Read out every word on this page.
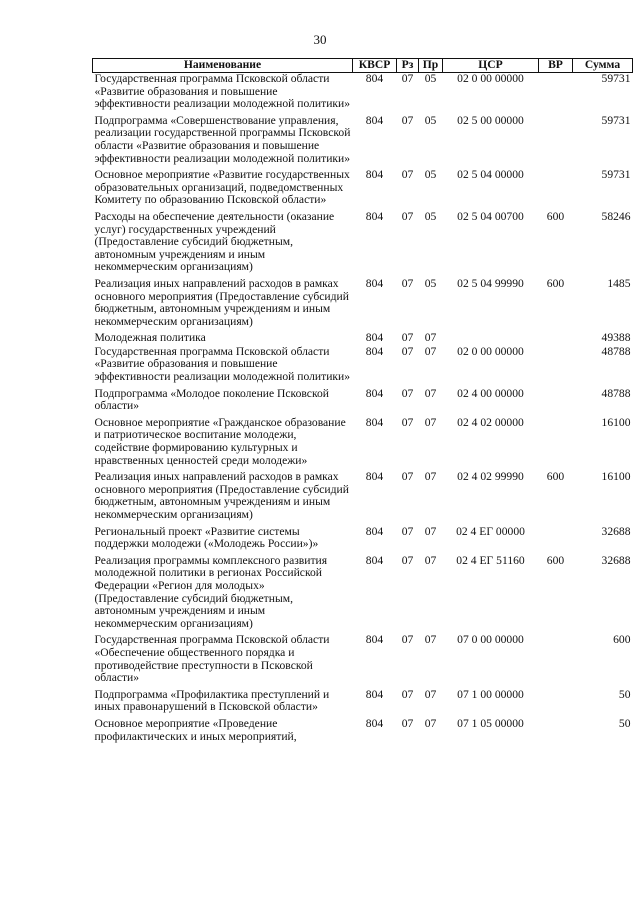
30
Наименование	КВСР	Рз	Пр	ЦСР	ВР	Сумма
Государственная программа Псковской области «Развитие образования и повышение эффективности реализации молодежной политики»	804	07	05	02 0 00 00000		59731
Подпрограмма «Совершенствование управления, реализации государственной программы Псковской области «Развитие образования и повышение эффективности реализации молодежной политики»	804	07	05	02 5 00 00000		59731
Основное мероприятие «Развитие государственных образовательных организаций, подведомственных Комитету по образованию Псковской области»	804	07	05	02 5 04 00000		59731
Расходы на обеспечение деятельности (оказание услуг) государственных учреждений (Предоставление субсидий бюджетным, автономным учреждениям и иным некоммерческим организациям)	804	07	05	02 5 04 00700	600	58246
Реализация иных направлений расходов в рамках основного мероприятия (Предоставление субсидий бюджетным, автономным учреждениям и иным некоммерческим организациям)	804	07	05	02 5 04 99990	600	1485
Молодежная политика	804	07	07			49388
Государственная программа Псковской области «Развитие образования и повышение эффективности реализации молодежной политики»	804	07	07	02 0 00 00000		48788
Подпрограмма «Молодое поколение Псковской области»	804	07	07	02 4 00 00000		48788
Основное мероприятие «Гражданское образование и патриотическое воспитание молодежи, содействие формированию культурных и нравственных ценностей среди молодежи»	804	07	07	02 4 02 00000		16100
Реализация иных направлений расходов в рамках основного мероприятия (Предоставление субсидий бюджетным, автономным учреждениям и иным некоммерческим организациям)	804	07	07	02 4 02 99990	600	16100
Региональный проект «Развитие системы поддержки молодежи («Молодежь России»)»	804	07	07	02 4 ЕГ 00000		32688
Реализация программы комплексного развития молодежной политики в регионах Российской Федерации «Регион для молодых» (Предоставление субсидий бюджетным, автономным учреждениям и иным некоммерческим организациям)	804	07	07	02 4 ЕГ 51160	600	32688
Государственная программа Псковской области «Обеспечение общественного порядка и противодействие преступности в Псковской области»	804	07	07	07 0 00 00000		600
Подпрограмма «Профилактика преступлений и иных правонарушений в Псковской области»	804	07	07	07 1 00 00000		50
Основное мероприятие «Проведение профилактических и иных мероприятий,	804	07	07	07 1 05 00000		50
